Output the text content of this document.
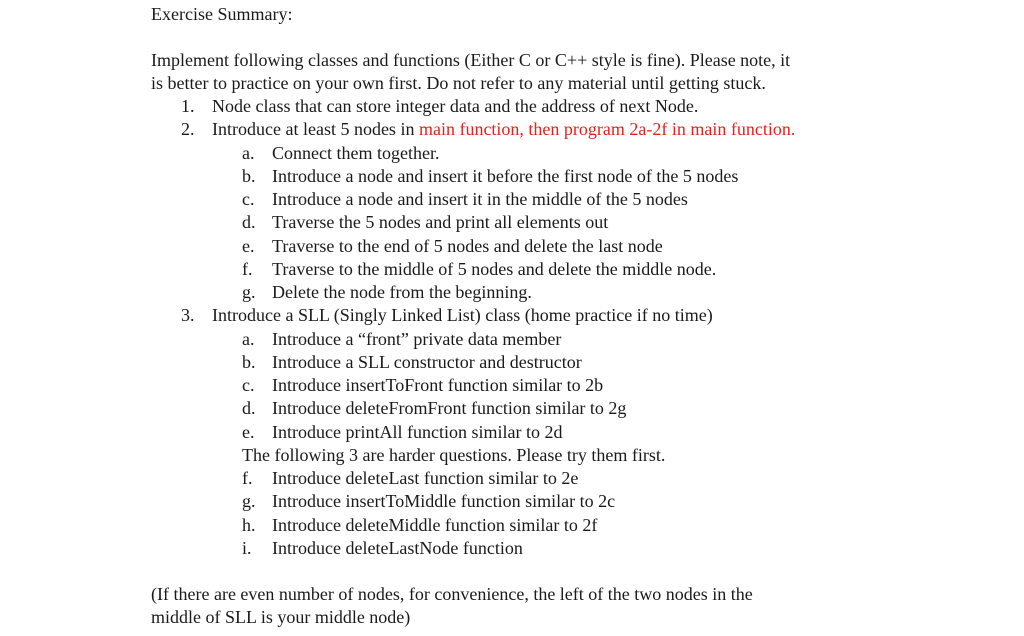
Exercise Summary:
Implement following classes and functions (Either C or C++ style is fine). Please note, it
is better to practice on your own first. Do not refer to any material until getting stuck.
1. Node class that can store integer data and the address of next Node.
2. Introduce at least 5 nodes in main function, then program 2a-2f in main function.
a. Connect them together.
b. Introduce a node and insert it before the first node of the 5 nodes
c. Introduce a node and insert it in the middle of the 5 nodes
d. Traverse the 5 nodes and print all elements out
e. Traverse to the end of 5 nodes and delete the last node
f. Traverse to the middle of 5 nodes and delete the middle node.
g. Delete the node from the beginning.
3. Introduce a SLL (Singly Linked List) class (home practice if no time)
a. Introduce a “front” private data member
b. Introduce a SLL constructor and destructor
c. Introduce insertToFront function similar to 2b
d. Introduce deleteFromFront function similar to 2g
e. Introduce printAll function similar to 2d
The following 3 are harder questions. Please try them first.
f. Introduce deleteLast function similar to 2e
g. Introduce insertToMiddle function similar to 2c
h. Introduce deleteMiddle function similar to 2f
i. Introduce deleteLastNode function
(If there are even number of nodes, for convenience, the left of the two nodes in the
middle of SLL is your middle node)
